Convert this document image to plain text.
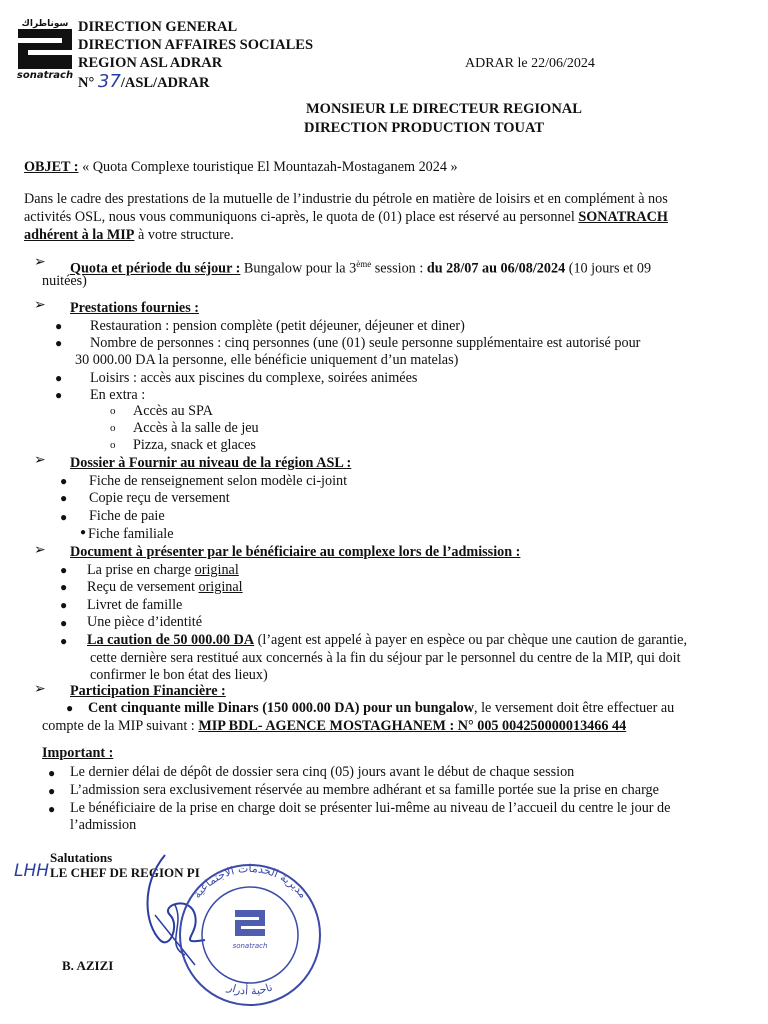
سوناطراك
sonatrach
DIRECTION GENERAL
DIRECTION AFFAIRES SOCIALES
REGION ASL ADRAR
N° 37/ASL/ADRAR
ADRAR le 22/06/2024
MONSIEUR LE DIRECTEUR REGIONAL
DIRECTION PRODUCTION TOUAT
OBJET : « Quota Complexe touristique El Mountazah-Mostaganem 2024 »
Dans le cadre des prestations de la mutuelle de l’industrie du pétrole en matière de loisirs et en complément à nos
activités OSL, nous vous communiquons ci-après, le quota de (01) place est réservé au personnel SONATRACH
adhérent à la MIP à votre structure.
➢ Quota et période du séjour : Bungalow pour la 3ème session : du 28/07 au 06/08/2024 (10 jours et 09
nuitées)
➢ Prestations fournies :
● Restauration : pension complète (petit déjeuner, déjeuner et diner)
● Nombre de personnes : cinq personnes (une (01) seule personne supplémentaire est autorisé pour
30 000.00 DA la personne, elle bénéficie uniquement d’un matelas)
● Loisirs : accès aux piscines du complexe, soirées animées
● En extra :
o Accès au SPA
o Accès à la salle de jeu
o Pizza, snack et glaces
➢ Dossier à Fournir au niveau de la région ASL :
● Fiche de renseignement selon modèle ci-joint
● Copie reçu de versement
● Fiche de paie
● Fiche familiale
➢ Document à présenter par le bénéficiaire au complexe lors de l’admission :
● La prise en charge original
● Reçu de versement original
● Livret de famille
● Une pièce d’identité
● La caution de 50 000.00 DA (l’agent est appelé à payer en espèce ou par chèque une caution de garantie,
cette dernière sera restitué aux concernés à la fin du séjour par le personnel du centre de la MIP, qui doit
confirmer le bon état des lieux)
➢ Participation Financière :
● Cent cinquante mille Dinars (150 000.00 DA) pour un bungalow, le versement doit être effectuer au
compte de la MIP suivant : MIP BDL- AGENCE MOSTAGHANEM : N° 005 004250000013466 44
Important :
● Le dernier délai de dépôt de dossier sera cinq (05) jours avant le début de chaque session
● L’admission sera exclusivement réservée au membre adhérant et sa famille portée sue la prise en charge
● Le bénéficiaire de la prise en charge doit se présenter lui-même au niveau de l’accueil du centre le jour de
l’admission
Salutations
LHH LE CHEF DE REGION PI
B. AZIZI
مديرية الخدمات الاجتماعية
ناحية أدرار
sonatrach
